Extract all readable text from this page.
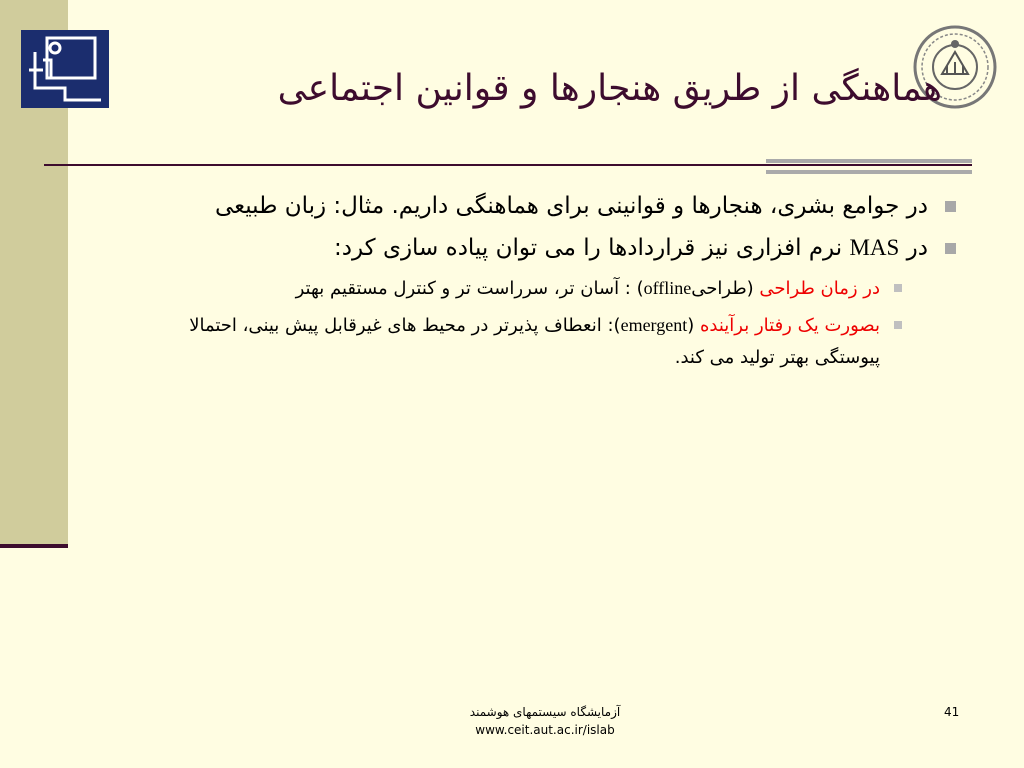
هماهنگی از طریق هنجارها و قوانین اجتماعی
در جوامع بشری، هنجارها و قوانینی برای هماهنگی داریم. مثال: زبان طبیعی
در MAS نرم افزاری نیز قراردادها را می توان پیاده سازی کرد:
در زمان طراحی (طراحیoffline) : آسان تر، سرراست تر و کنترل مستقیم بهتر
بصورت یک رفتار برآینده (emergent): انعطاف پذیرتر در محیط های غیرقابل پیش بینی، احتمالا پیوستگی بهتر تولید می کند.
آزمایشگاه سیستمهای هوشمند
www.ceit.aut.ac.ir/islab
41
